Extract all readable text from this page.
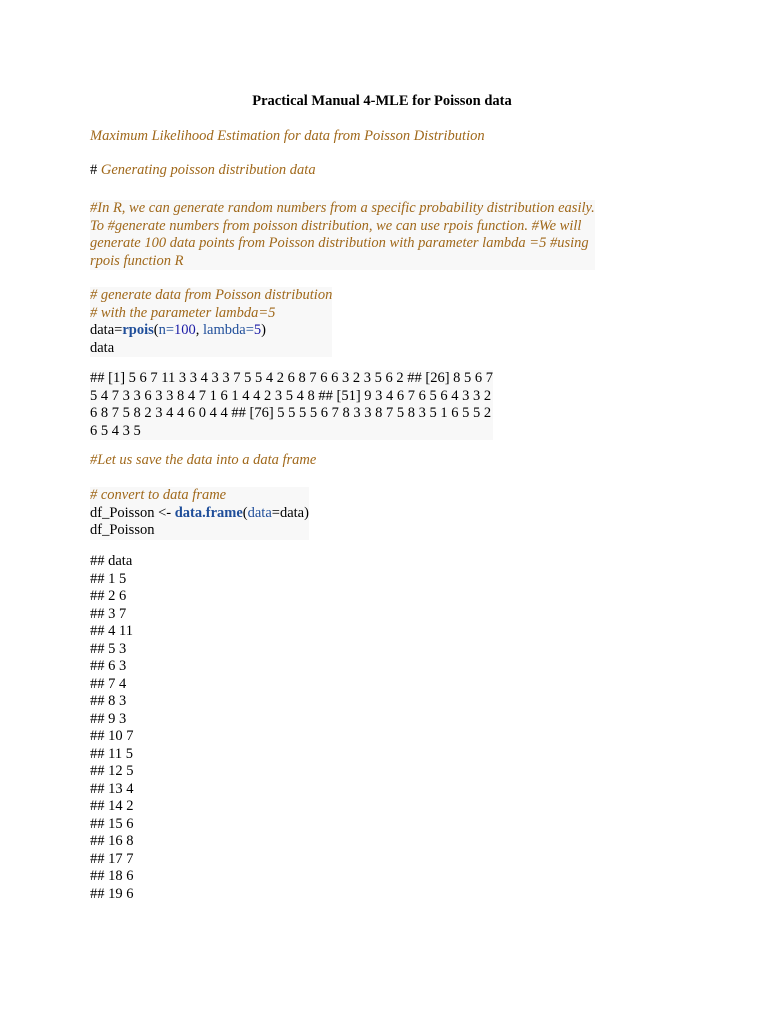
Practical Manual 4-MLE for Poisson data
Maximum Likelihood Estimation for data from Poisson Distribution
# Generating poisson distribution data
#In R, we can generate random numbers from a specific probability distribution easily.
To #generate numbers from poisson distribution, we can use rpois function. #We will
generate 100 data points from Poisson distribution with parameter lambda =5 #using
rpois function R
# generate data from Poisson distribution
# with the parameter lambda=5
data=rpois(n=100, lambda=5)
data
## [1] 5 6 7 11 3 3 4 3 3 7 5 5 4 2 6 8 7 6 6 3 2 3 5 6 2 ## [26] 8 5 6 7
5 4 7 3 3 6 3 3 8 4 7 1 6 1 4 4 2 3 5 4 8 ## [51] 9 3 4 6 7 6 5 6 4 3 3 2
6 8 7 5 8 2 3 4 4 6 0 4 4 ## [76] 5 5 5 5 6 7 8 3 3 8 7 5 8 3 5 1 6 5 5 2
6 5 4 3 5
#Let us save the data into a data frame
# convert to data frame
df_Poisson <- data.frame(data=data)
df_Poisson
## data
## 1 5
## 2 6
## 3 7
## 4 11
## 5 3
## 6 3
## 7 4
## 8 3
## 9 3
## 10 7
## 11 5
## 12 5
## 13 4
## 14 2
## 15 6
## 16 8
## 17 7
## 18 6
## 19 6
